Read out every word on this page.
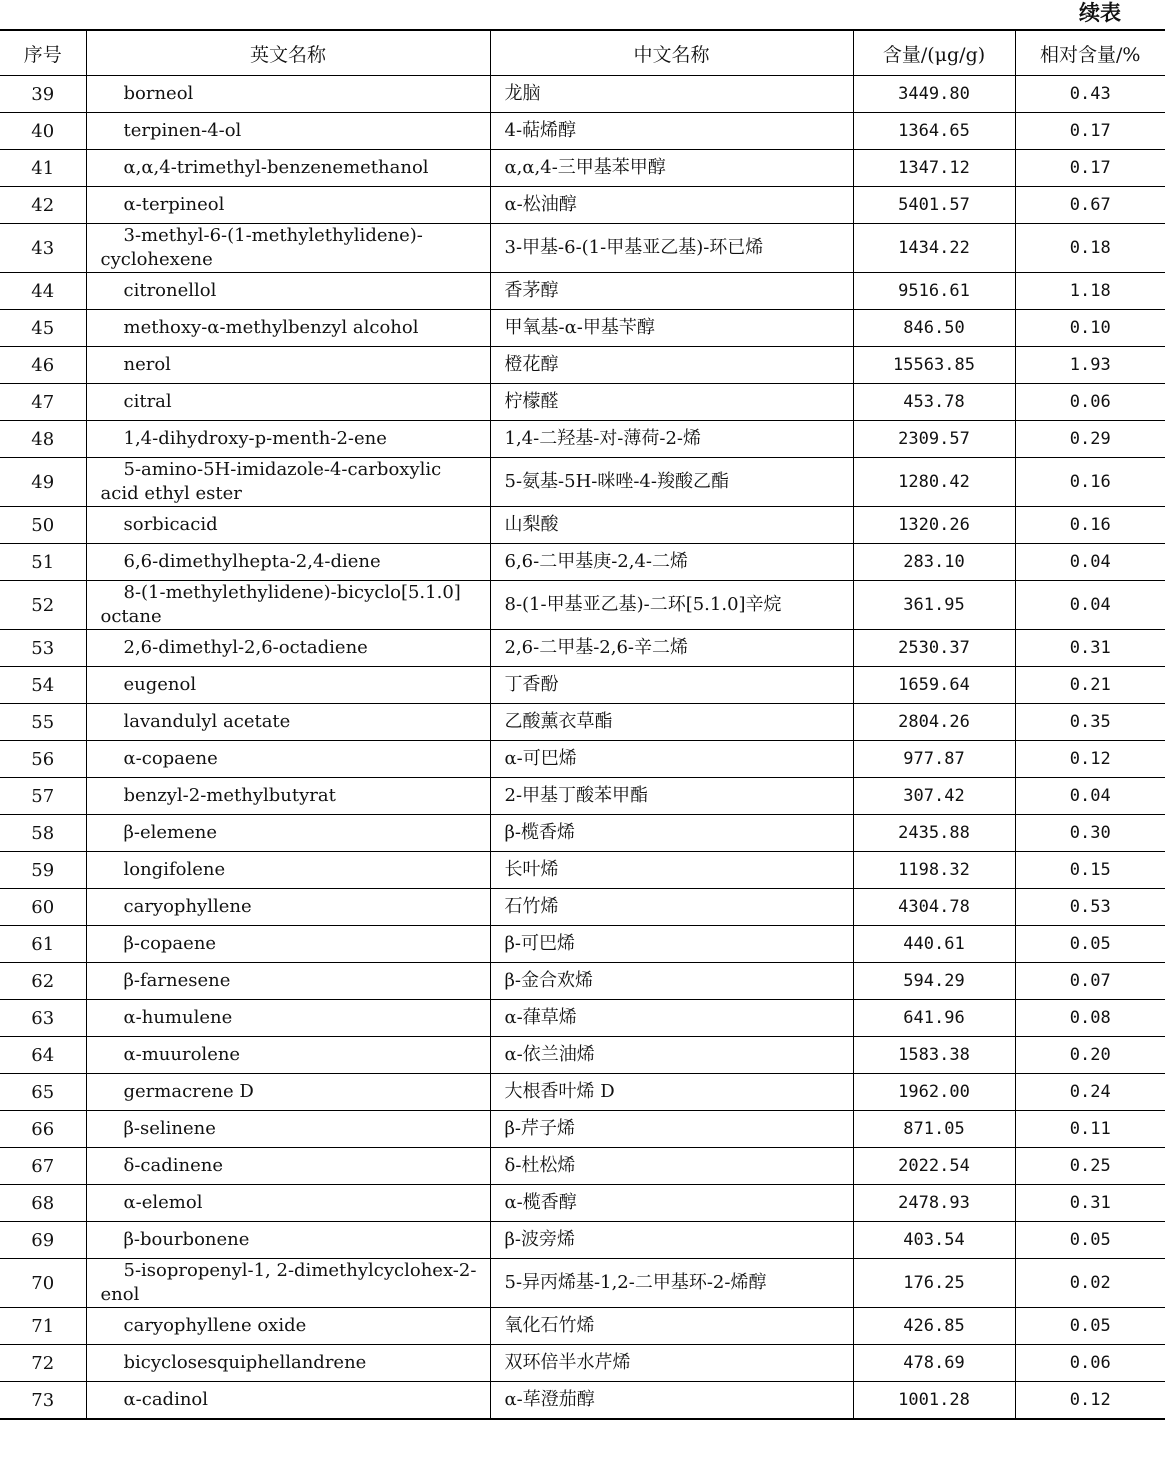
续表
序号	英文名称	中文名称	含量/(μg/g)	相对含量/%
39	borneol	龙脑	3449.80	0.43
40	terpinen-4-ol	4-萜烯醇	1364.65	0.17
41	α,α,4-trimethyl-benzenemethanol	α,α,4-三甲基苯甲醇	1347.12	0.17
42	α-terpineol	α-松油醇	5401.57	0.67
43	3-methyl-6-(1-methylethylidene)-cyclohexene	3-甲基-6-(1-甲基亚乙基)-环已烯	1434.22	0.18
44	citronellol	香茅醇	9516.61	1.18
45	methoxy-α-methylbenzyl alcohol	甲氧基-α-甲基苄醇	846.50	0.10
46	nerol	橙花醇	15563.85	1.93
47	citral	柠檬醛	453.78	0.06
48	1,4-dihydroxy-p-menth-2-ene	1,4-二羟基-对-薄荷-2-烯	2309.57	0.29
49	5-amino-5H-imidazole-4-carboxylic acid ethyl ester	5-氨基-5H-咪唑-4-羧酸乙酯	1280.42	0.16
50	sorbicacid	山梨酸	1320.26	0.16
51	6,6-dimethylhepta-2,4-diene	6,6-二甲基庚-2,4-二烯	283.10	0.04
52	8-(1-methylethylidene)-bicyclo[5.1.0] octane	8-(1-甲基亚乙基)-二环[5.1.0]辛烷	361.95	0.04
53	2,6-dimethyl-2,6-octadiene	2,6-二甲基-2,6-辛二烯	2530.37	0.31
54	eugenol	丁香酚	1659.64	0.21
55	lavandulyl acetate	乙酸薰衣草酯	2804.26	0.35
56	α-copaene	α-可巴烯	977.87	0.12
57	benzyl-2-methylbutyrat	2-甲基丁酸苯甲酯	307.42	0.04
58	β-elemene	β-榄香烯	2435.88	0.30
59	longifolene	长叶烯	1198.32	0.15
60	caryophyllene	石竹烯	4304.78	0.53
61	β-copaene	β-可巴烯	440.61	0.05
62	β-farnesene	β-金合欢烯	594.29	0.07
63	α-humulene	α-葎草烯	641.96	0.08
64	α-muurolene	α-依兰油烯	1583.38	0.20
65	germacrene D	大根香叶烯 D	1962.00	0.24
66	β-selinene	β-芹子烯	871.05	0.11
67	δ-cadinene	δ-杜松烯	2022.54	0.25
68	α-elemol	α-榄香醇	2478.93	0.31
69	β-bourbonene	β-波旁烯	403.54	0.05
70	5-isopropenyl-1, 2-dimethylcyclohex-2-enol	5-异丙烯基-1,2-二甲基环-2-烯醇	176.25	0.02
71	caryophyllene oxide	氧化石竹烯	426.85	0.05
72	bicyclosesquiphellandrene	双环倍半水芹烯	478.69	0.06
73	α-cadinol	α-荜澄茄醇	1001.28	0.12
